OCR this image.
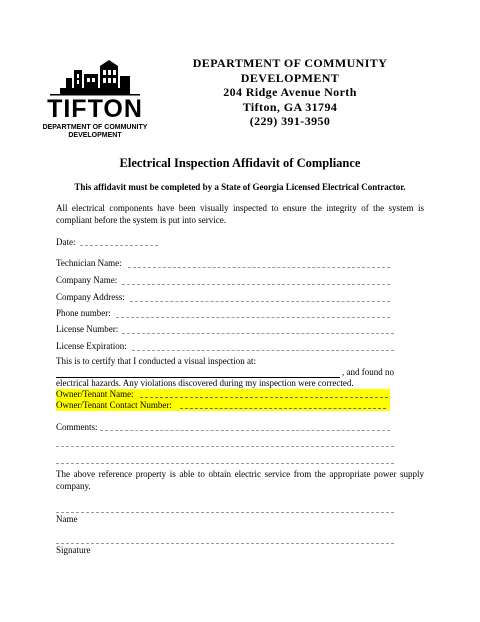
TIFTON
DEPARTMENT OF COMMUNITY
DEVELOPMENT
DEPARTMENT OF COMMUNITY
DEVELOPMENT
204 Ridge Avenue North
Tifton, GA 31794
(229) 391-3950
Electrical Inspection Affidavit of Compliance
This affidavit must be completed by a State of Georgia Licensed Electrical Contractor.
All electrical components have been visually inspected to ensure the integrity of the system is compliant before the system is put into service.
Date:
Technician Name:
Company Name:
Company Address:
Phone number:
License Number:
License Expiration:
This is to certify that I conducted a visual inspection at:
, and found no
electrical hazards. Any violations discovered during my inspection were corrected.
Owner/Tenant Name:
Owner/Tenant Contact Number:
Comments:
The above reference property is able to obtain electric service from the appropriate power supply company.
Name
Signature
